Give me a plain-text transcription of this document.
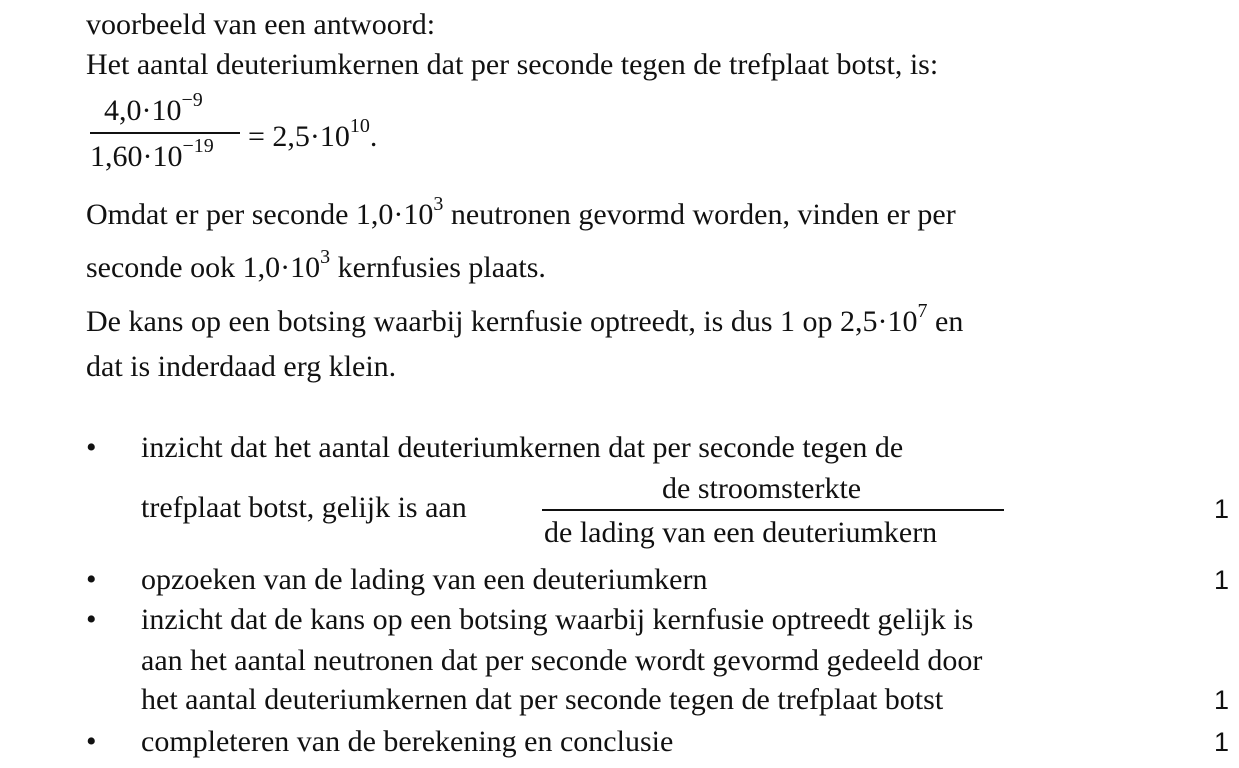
voorbeeld van een antwoord:
Het aantal deuteriumkernen dat per seconde tegen de trefplaat botst, is:
$4,0\cdot 10^{-9}$
$1,60\cdot 10^{-19} = 2,5\cdot 10^{10}$.
Omdat er per seconde $1,0\cdot 10^3$ neutronen gevormd worden, vinden er per
seconde ook $1,0\cdot 10^3$ kernfusies plaats.
De kans op een botsing waarbij kernfusie optreedt, is dus 1 op $2,5\cdot 10^7$ en
dat is inderdaad erg klein.
• inzicht dat het aantal deuteriumkernen dat per seconde tegen de
trefplaat botst, gelijk is aan
de stroomsterkte
de lading van een deuteriumkern
1
• opzoeken van de lading van een deuteriumkern	1
• inzicht dat de kans op een botsing waarbij kernfusie optreedt gelijk is
aan het aantal neutronen dat per seconde wordt gevormd gedeeld door
het aantal deuteriumkernen dat per seconde tegen de trefplaat botst	1
• completeren van de berekening en conclusie	1
